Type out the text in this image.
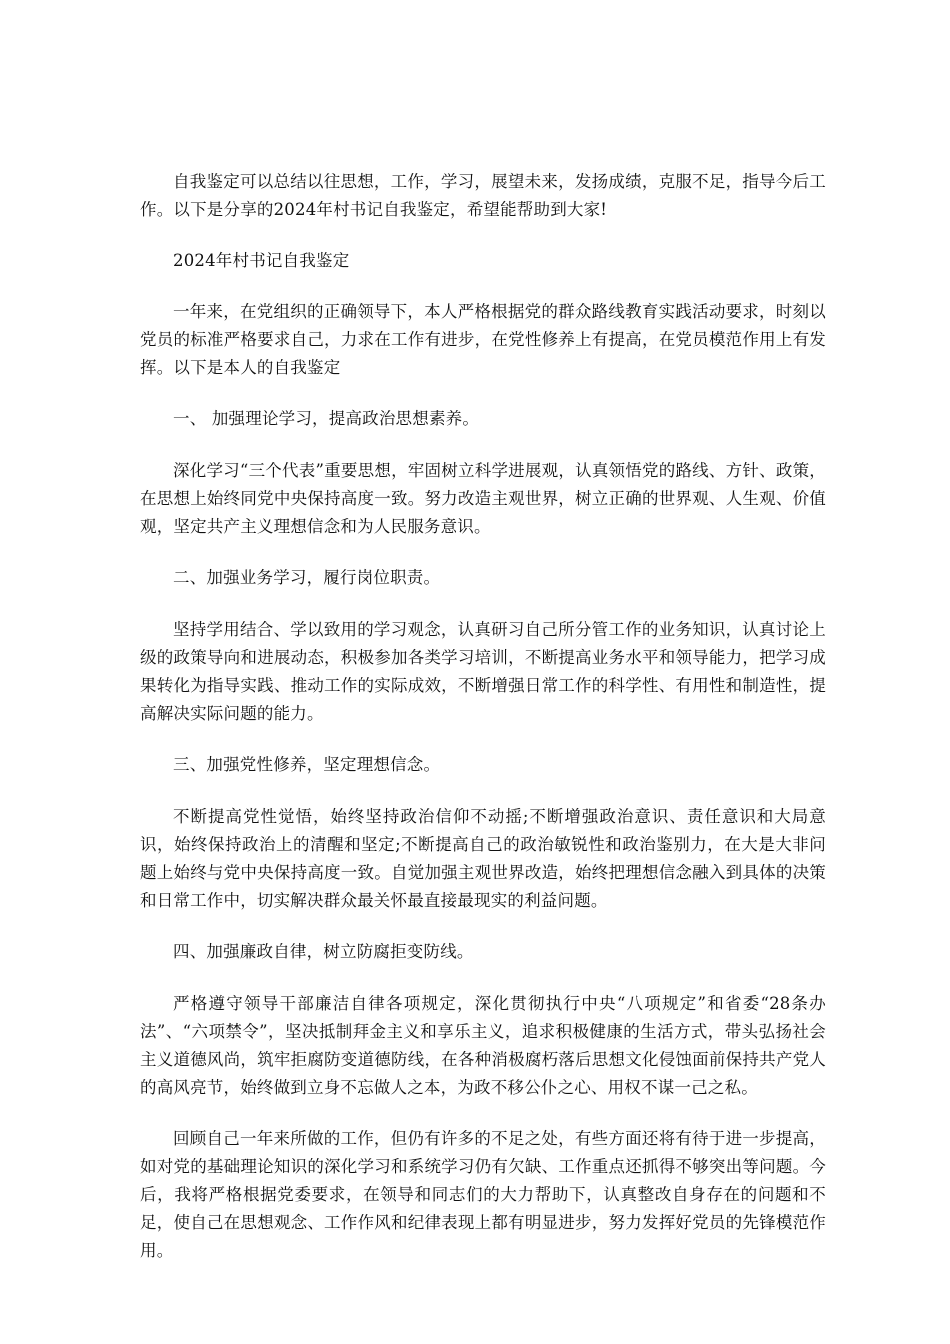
自我鉴定可以总结以往思想，工作，学习，展望未来，发扬成绩，克服不足，指导今后工作。以下是分享的2024年村书记自我鉴定，希望能帮助到大家!

2024年村书记自我鉴定

一年来，在党组织的正确领导下，本人严格根据党的群众路线教育实践活动要求，时刻以党员的标准严格要求自己，力求在工作有进步，在党性修养上有提高，在党员模范作用上有发挥。以下是本人的自我鉴定

一、 加强理论学习，提高政治思想素养。

深化学习“三个代表”重要思想，牢固树立科学进展观，认真领悟党的路线、方针、政策，在思想上始终同党中央保持高度一致。努力改造主观世界，树立正确的世界观、人生观、价值观，坚定共产主义理想信念和为人民服务意识。

二、加强业务学习，履行岗位职责。

坚持学用结合、学以致用的学习观念，认真研习自己所分管工作的业务知识，认真讨论上级的政策导向和进展动态，积极参加各类学习培训，不断提高业务水平和领导能力，把学习成果转化为指导实践、推动工作的实际成效，不断增强日常工作的科学性、有用性和制造性，提高解决实际问题的能力。

三、加强党性修养，坚定理想信念。

不断提高党性觉悟，始终坚持政治信仰不动摇;不断增强政治意识、责任意识和大局意识，始终保持政治上的清醒和坚定;不断提高自己的政治敏锐性和政治鉴别力，在大是大非问题上始终与党中央保持高度一致。自觉加强主观世界改造，始终把理想信念融入到具体的决策和日常工作中，切实解决群众最关怀最直接最现实的利益问题。

四、加强廉政自律，树立防腐拒变防线。

严格遵守领导干部廉洁自律各项规定，深化贯彻执行中央“八项规定”和省委“28条办法”、“六项禁令”，坚决抵制拜金主义和享乐主义，追求积极健康的生活方式，带头弘扬社会主义道德风尚，筑牢拒腐防变道德防线，在各种消极腐朽落后思想文化侵蚀面前保持共产党人的高风亮节，始终做到立身不忘做人之本，为政不移公仆之心、用权不谋一己之私。

回顾自己一年来所做的工作，但仍有许多的不足之处，有些方面还将有待于进一步提高，如对党的基础理论知识的深化学习和系统学习仍有欠缺、工作重点还抓得不够突出等问题。今后，我将严格根据党委要求，在领导和同志们的大力帮助下，认真整改自身存在的问题和不足，使自己在思想观念、工作作风和纪律表现上都有明显进步，努力发挥好党员的先锋模范作用。
